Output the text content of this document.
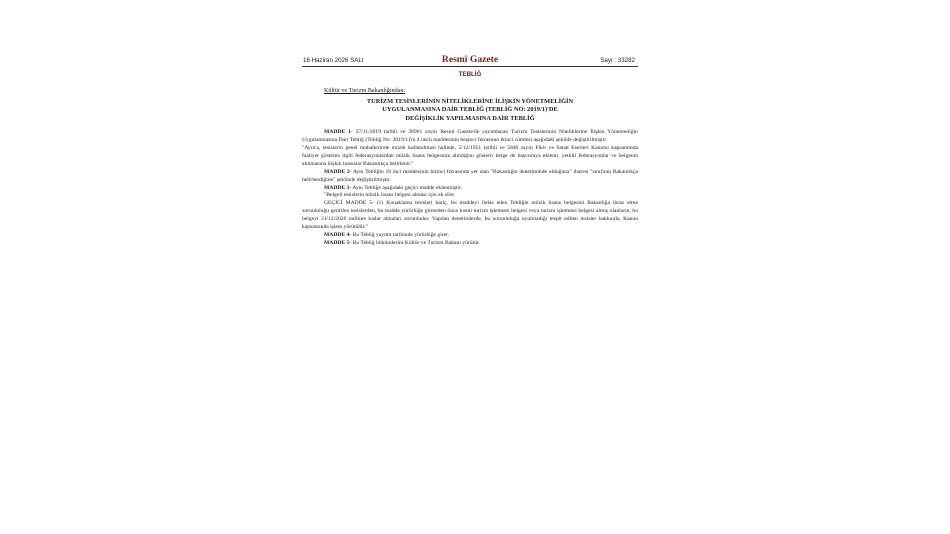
16 Haziran 2026 SALI	Resmî Gazete	Sayı : 33282
TEBLİĞ
Kültür ve Turizm Bakanlığından:
TURİZM TESİSLERİNİN NİTELİKLERİNE İLİŞKİN YÖNETMELİĞİN
UYGULANMASINA DAİR TEBLİĞ (TEBLİĞ NO: 2019/1)'DE
DEĞİŞİKLİK YAPILMASINA DAİR TEBLİĞ

MADDE 1- 27/11/2019 tarihli ve 30961 sayılı Resmî Gazete'de yayımlanan Turizm Tesislerinin Niteliklerine İlişkin Yönetmeliğin Uygulanmasına Dair Tebliğ (Tebliğ No: 2019/1)'in 4 üncü maddesinin beşinci fıkrasının ikinci cümlesi aşağıdaki şekilde değiştirilmiştir.

"Ayrıca, tesislerin genel mahallerinde müzik kullanılması halinde, 5/12/1951 tarihli ve 5846 sayılı Fikir ve Sanat Eserleri Kanunu kapsamında faaliyet gösteren ilgili federasyonlardan müzik lisans belgesinin alındığını gösterir belge de başvuruya eklenir, yetkili federasyonlar ve belgenin alınmasına ilişkin hususlar Bakanlıkça belirlenir."

MADDE 2- Aynı Tebliğin 18 inci maddesinin birinci fıkrasında yer alan "Bakanlığın denetiminde olduğuna" ibaresi "sınıfının Bakanlıkça belirlendiğine" şeklinde değiştirilmiştir.

MADDE 3- Aynı Tebliğe aşağıdaki geçici madde eklenmiştir.

"Belgeli tesislerin müzik lisans belgesi alması için ek süre

GEÇİCİ MADDE 5- (1) Konaklama tesisleri hariç, bu maddeyi ihdas eden Tebliğle müzik lisans belgesini Bakanlığa ibraz etme zorunluluğu getirilen tesislerden, bu madde yürürlüğe girmeden önce kısmi turizm işletmesi belgesi veya turizm işletmesi belgesi almış olanların, bu belgeyi 31/12/2026 tarihine kadar almaları zorunludur. Yapılan denetimlerde, bu zorunluluğa uyulmadığı tespit edilen tesisler hakkında, Kanun kapsamında işlem yürütülür."

MADDE 4- Bu Tebliğ yayımı tarihinde yürürlüğe girer.

MADDE 5- Bu Tebliğ hükümlerini Kültür ve Turizm Bakanı yürütür.
